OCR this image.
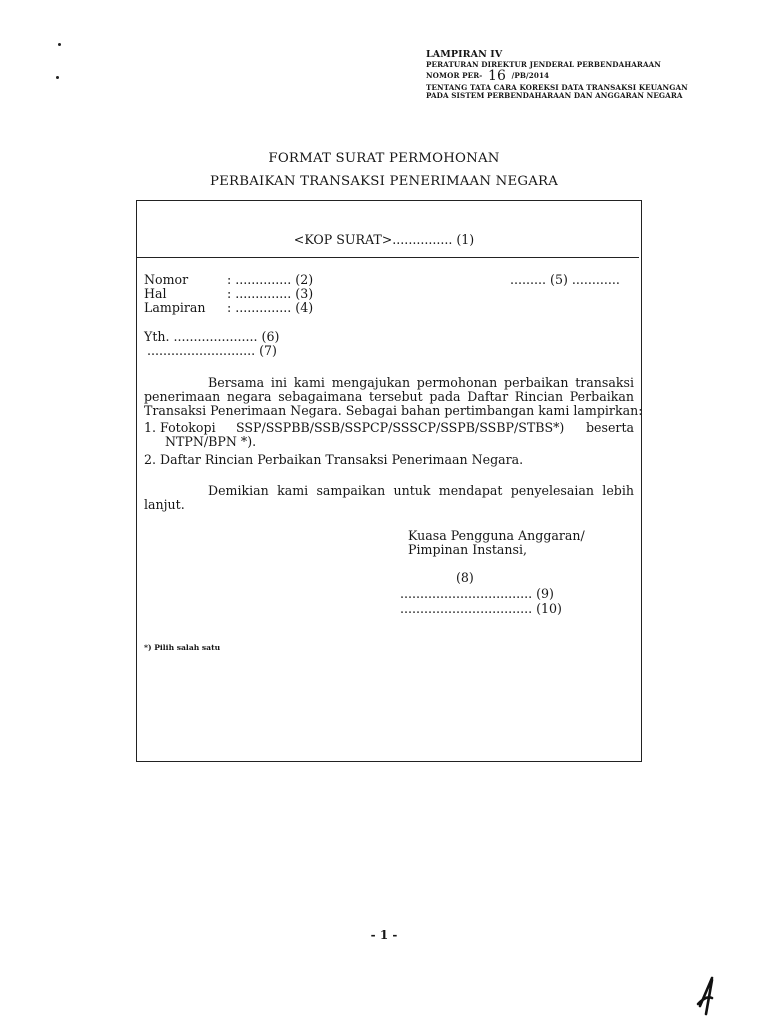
LAMPIRAN IV
PERATURAN DIREKTUR JENDERAL PERBENDAHARAAN
NOMOR PER- 16 /PB/2014
TENTANG TATA CARA KOREKSI DATA TRANSAKSI KEUANGAN
PADA SISTEM PERBENDAHARAAN DAN ANGGARAN NEGARA
FORMAT SURAT PERMOHONAN
PERBAIKAN TRANSAKSI PENERIMAAN NEGARA
<KOP SURAT>............... (1)
Nomor	: .............. (2)
Hal	: .............. (3)
Lampiran	: .............. (4)
......... (5) ............
Yth. ..................... (6)
........................... (7)
Bersama ini kami mengajukan permohonan perbaikan transaksi
penerimaan negara sebagaimana tersebut pada Daftar Rincian Perbaikan
Transaksi Penerimaan Negara. Sebagai bahan pertimbangan kami lampirkan:
1. Fotokopi SSP/SSPBB/SSB/SSPCP/SSSCP/SSPB/SSBP/STBS*) beserta
NTPN/BPN *).
2. Daftar Rincian Perbaikan Transaksi Penerimaan Negara.
Demikian kami sampaikan untuk mendapat penyelesaian lebih
lanjut.
Kuasa Pengguna Anggaran/
Pimpinan Instansi,
(8)
................................. (9)
................................. (10)
*) Pilih salah satu
- 1 -
